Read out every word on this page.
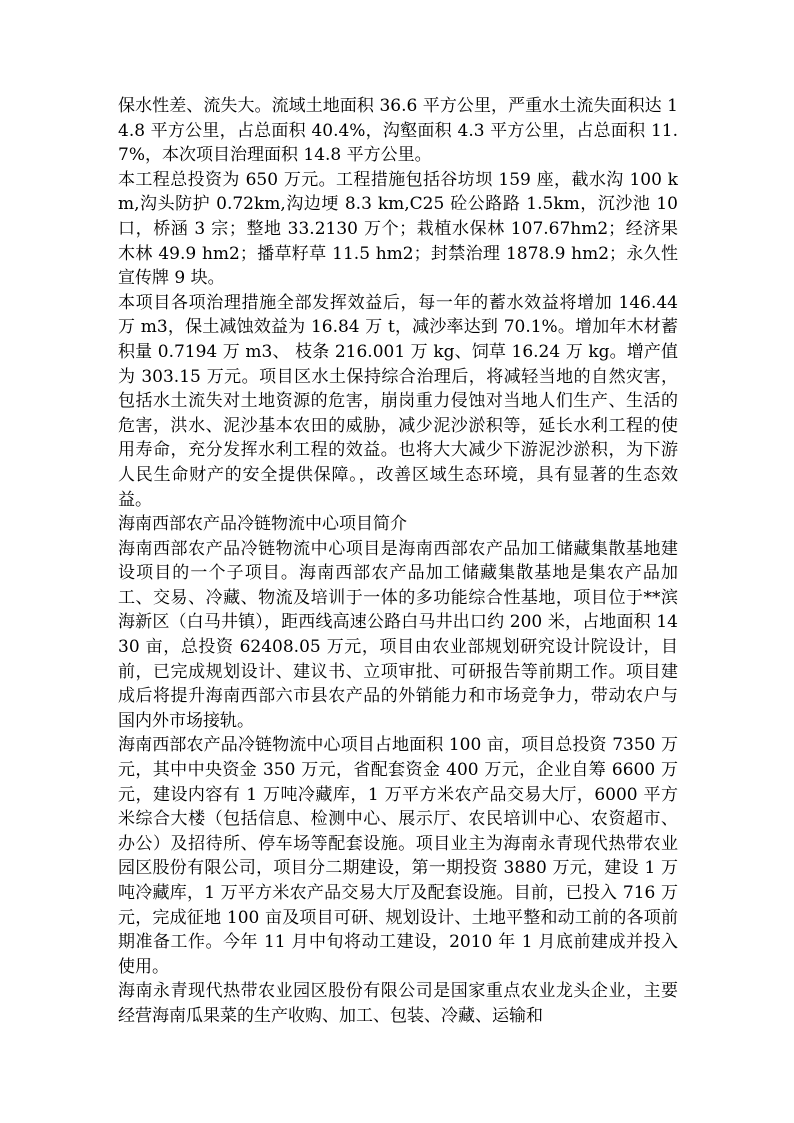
保水性差、流失大。流域土地面积 36.6 平方公里，严重水土流失面积达 14.8 平方公里，占总面积 40.4%，沟壑面积 4.3 平方公里，占总面积 11.7%，本次项目治理面积 14.8 平方公里。

本工程总投资为 650 万元。工程措施包括谷坊坝 159 座，截水沟 100 km,沟头防护 0.72km,沟边埂 8.3 km,C25 砼公路路 1.5km，沉沙池 10 口，桥涵 3 宗；整地 33.2130 万个；栽植水保林 107.67hm2；经济果木林 49.9 hm2；播草籽草 11.5 hm2；封禁治理 1878.9 hm2；永久性宣传牌 9 块。

本项目各项治理措施全部发挥效益后，每一年的蓄水效益将增加 146.44 万 m3，保土减蚀效益为 16.84 万 t，减沙率达到 70.1%。增加年木材蓄积量 0.7194 万 m3、 枝条 216.001 万 kg、饲草 16.24 万 kg。增产值为 303.15 万元。项目区水土保持综合治理后，将减轻当地的自然灾害，包括水土流失对土地资源的危害，崩岗重力侵蚀对当地人们生产、生活的危害，洪水、泥沙基本农田的威胁，减少泥沙淤积等，延长水利工程的使用寿命，充分发挥水利工程的效益。也将大大减少下游泥沙淤积，为下游人民生命财产的安全提供保障。，改善区域生态环境，具有显著的生态效益。

海南西部农产品冷链物流中心项目简介

海南西部农产品冷链物流中心项目是海南西部农产品加工储藏集散基地建设项目的一个子项目。海南西部农产品加工储藏集散基地是集农产品加工、交易、冷藏、物流及培训于一体的多功能综合性基地，项目位于**滨海新区（白马井镇），距西线高速公路白马井出口约 200 米，占地面积 1430 亩，总投资 62408.05 万元，项目由农业部规划研究设计院设计，目前，已完成规划设计、建议书、立项审批、可研报告等前期工作。项目建成后将提升海南西部六市县农产品的外销能力和市场竞争力，带动农户与国内外市场接轨。

海南西部农产品冷链物流中心项目占地面积 100 亩，项目总投资 7350 万元，其中中央资金 350 万元，省配套资金 400 万元，企业自筹 6600 万元，建设内容有 1 万吨冷藏库，1 万平方米农产品交易大厅，6000 平方米综合大楼（包括信息、检测中心、展示厅、农民培训中心、农资超市、办公）及招待所、停车场等配套设施。项目业主为海南永青现代热带农业园区股份有限公司，项目分二期建设，第一期投资 3880 万元，建设 1 万吨冷藏库，1 万平方米农产品交易大厅及配套设施。目前，已投入 716 万元，完成征地 100 亩及项目可研、规划设计、土地平整和动工前的各项前期准备工作。今年 11 月中旬将动工建设，2010 年 1 月底前建成并投入使用。

海南永青现代热带农业园区股份有限公司是国家重点农业龙头企业，主要经营海南瓜果菜的生产收购、加工、包装、冷藏、运输和
